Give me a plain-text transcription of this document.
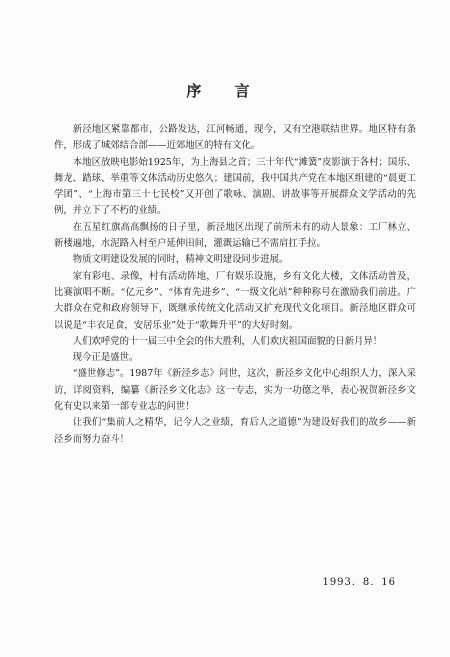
序 言

新泾地区紧靠都市，公路发达，江河畅通，现今，又有空港联结世界。地区特有条件，形成了城郊结合部——近郊地区的特有文化。

本地区放映电影始1925年，为上海县之首；三十年代“滩簧”皮影演于各村；国乐、舞龙、踏球、举重等文体活动历史悠久；建国前，我中国共产党在本地区组建的“晨更工学团”、“上海市第三十七民校”又开创了歌咏、演剧、讲故事等开展群众文学活动的先例，并立下了不朽的业绩。

在五星红旗高高飘扬的日子里，新泾地区出现了前所未有的动人景象：工厂林立、新楼遍地，水泥路入村至户延伸田间，灌溉运输已不需肩扛手拉。

物质文明建设发展的同时，精神文明建设同步进展。

家有彩电、录像，村有活动阵地，厂有娱乐设施，乡有文化大楼，文体活动普及，比赛演唱不断。“亿元乡”、“体育先进乡”、“一级文化站”种种称号在激励我们前进。广大群众在党和政府领导下，既继承传统文化活动又扩充现代文化项目。新泾地区群众可以说是“丰衣足食，安居乐业”处于“歌舞升平”的大好时刻。

人们欢呼党的十一届三中全会的伟大胜利，人们欢庆祖国面貌的日新月异！

现今正是盛世。

“盛世修志”。1987年《新泾乡志》问世，这次，新泾乡文化中心组织人力，深入采访，详阅资料，编纂《新泾乡文化志》这一专志，实为一功德之举，表心祝贺新泾乡文化有史以来第一部专业志的问世！

让我们“集前人之精华，记今人之业绩，育后人之道德”为建设好我们的故乡——新泾乡而努力奋斗！

1993．8．16
